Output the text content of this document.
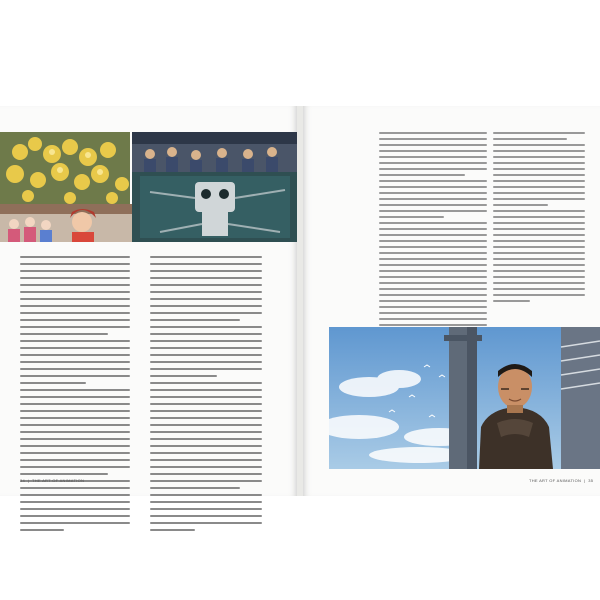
34  |  THE ART OF ANIMATION	THE ART OF ANIMATION  |  35
